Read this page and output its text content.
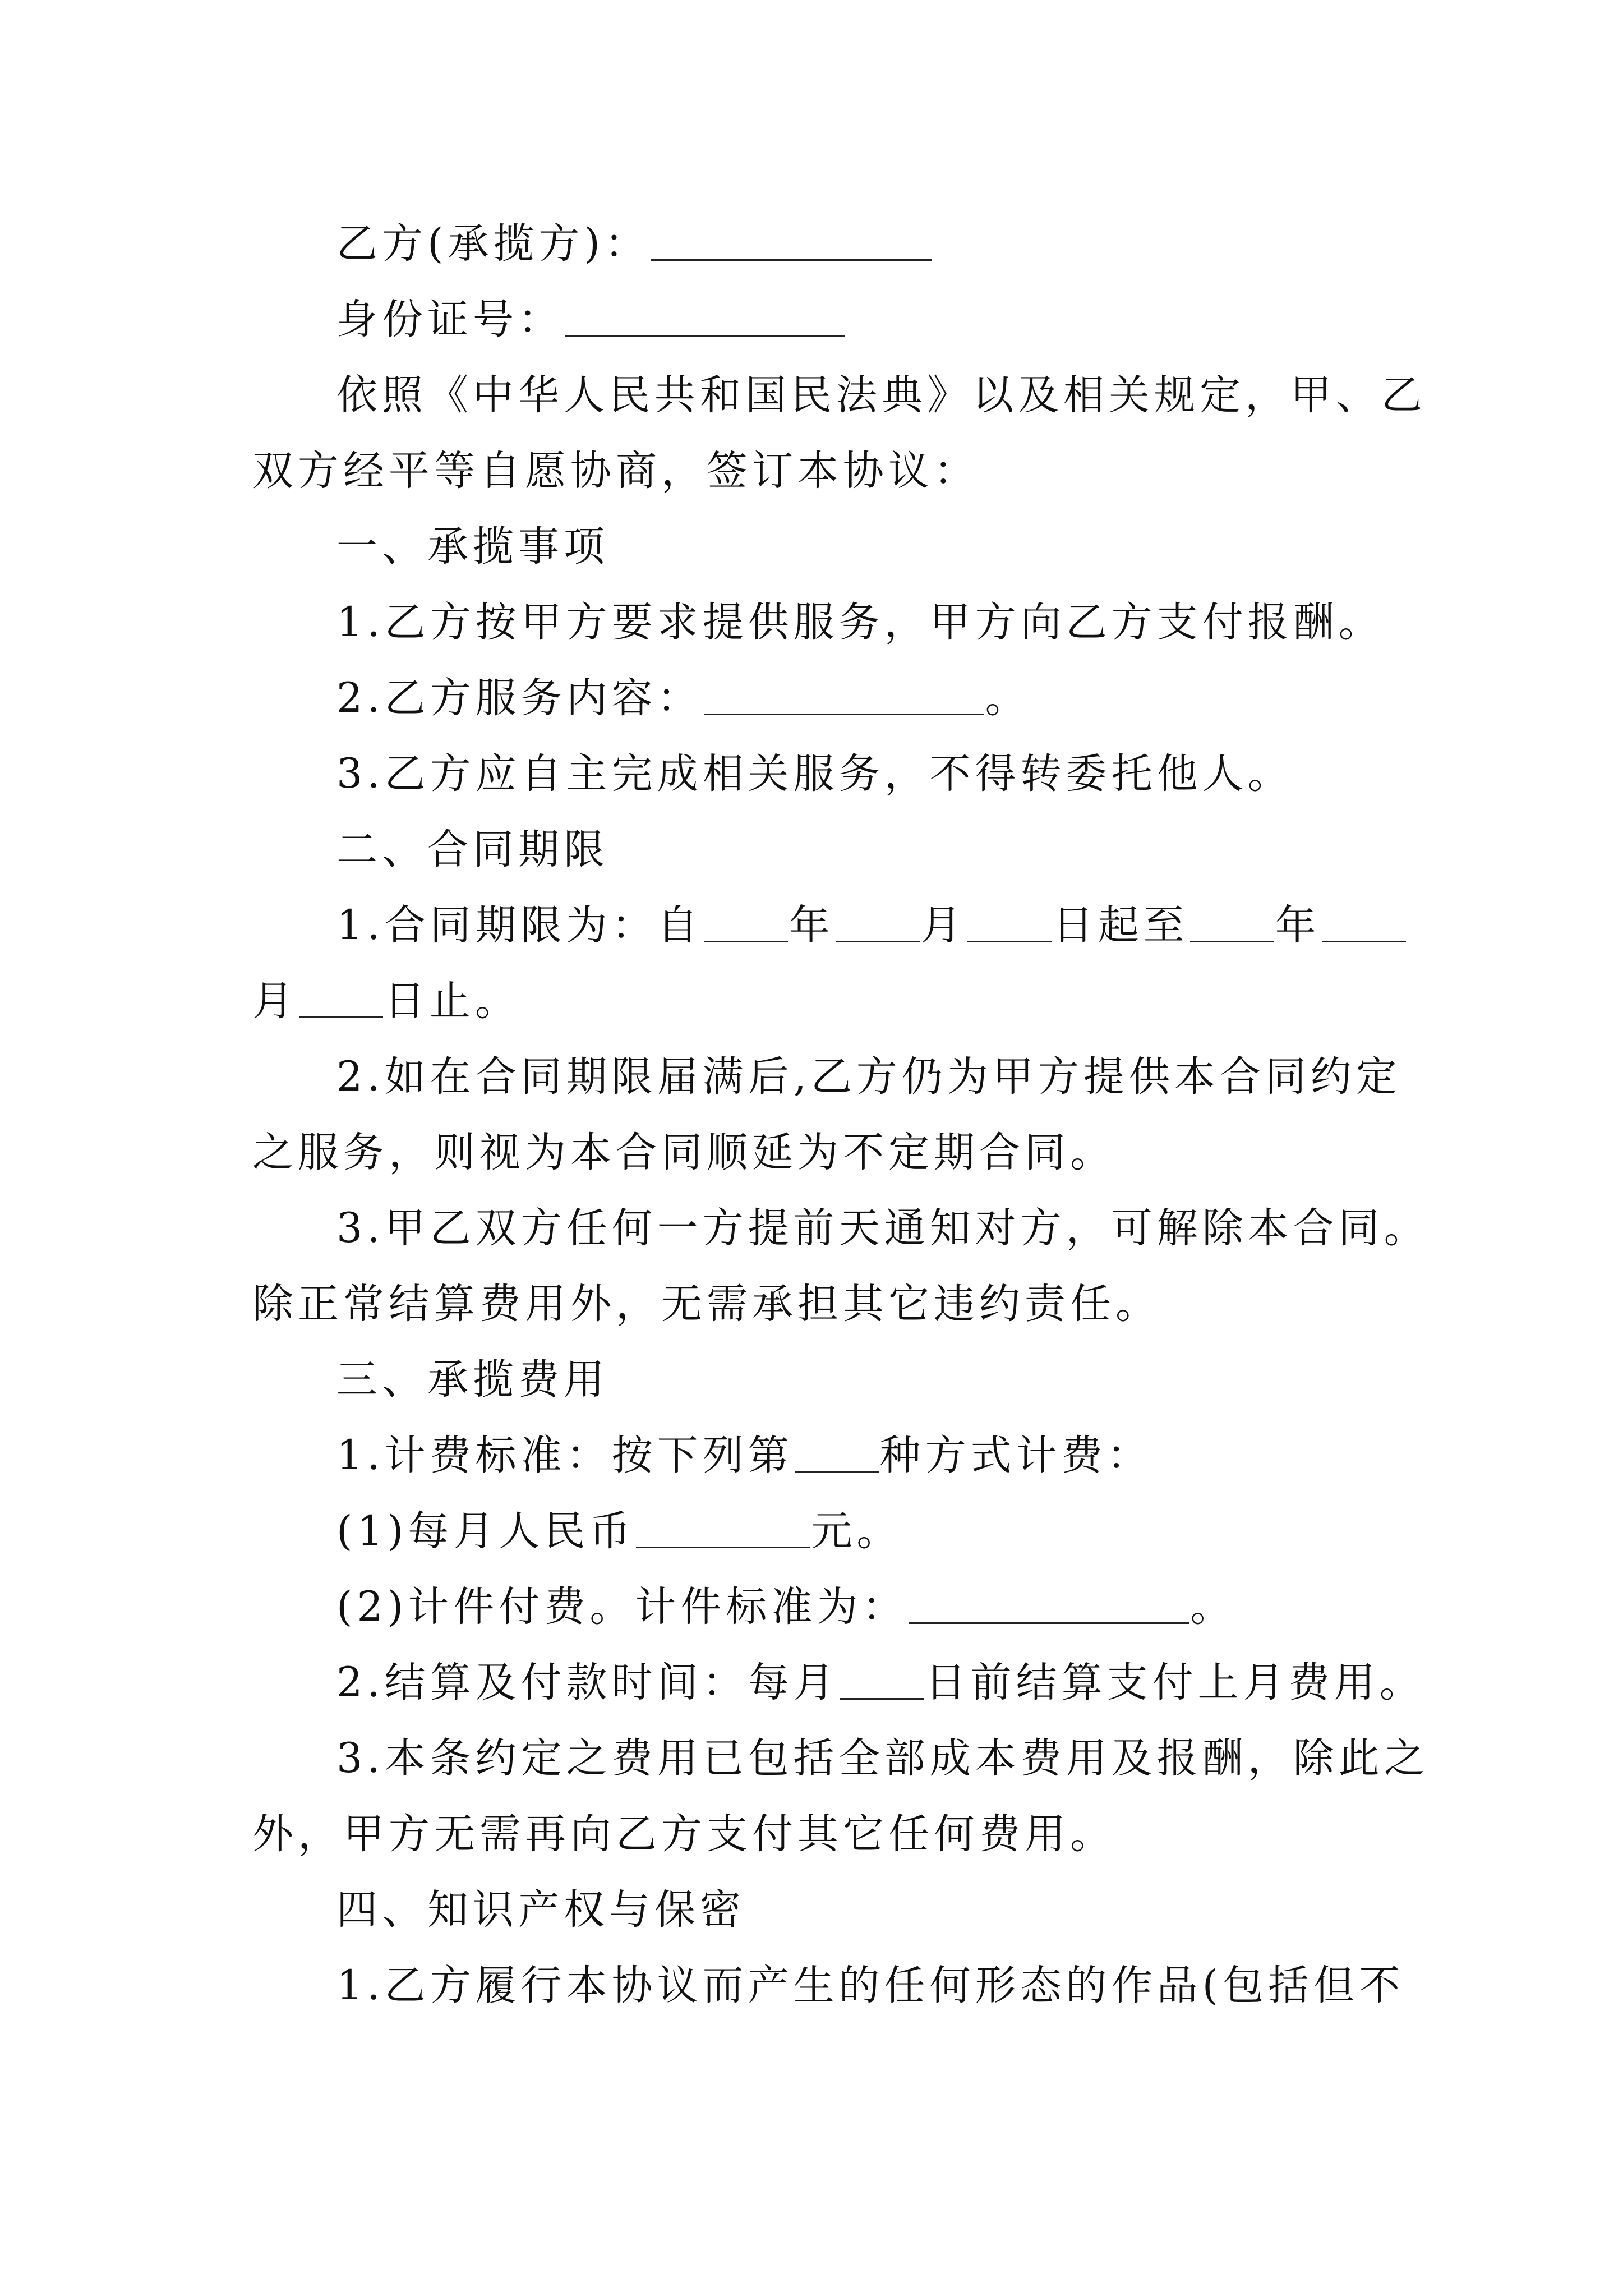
乙方(承揽方)：
身份证号：
依照《中华人民共和国民法典》以及相关规定，甲、乙
双方经平等自愿协商，签订本协议：
一、承揽事项
1.乙方按甲方要求提供服务，甲方向乙方支付报酬。
2.乙方服务内容：	。
3.乙方应自主完成相关服务，不得转委托他人。
二、合同期限
1.合同期限为：自 年 月 日起至 年
月 日止。
2.如在合同期限届满后,乙方仍为甲方提供本合同约定
之服务，则视为本合同顺延为不定期合同。
3.甲乙双方任何一方提前天通知对方，可解除本合同。
除正常结算费用外，无需承担其它违约责任。
三、承揽费用
1.计费标准：按下列第 种方式计费：
(1)每月人民币	元。
(2)计件付费。计件标准为：	。
2.结算及付款时间：每月 日前结算支付上月费用。
3.本条约定之费用已包括全部成本费用及报酬，除此之
外，甲方无需再向乙方支付其它任何费用。
四、知识产权与保密
1.乙方履行本协议而产生的任何形态的作品(包括但不
